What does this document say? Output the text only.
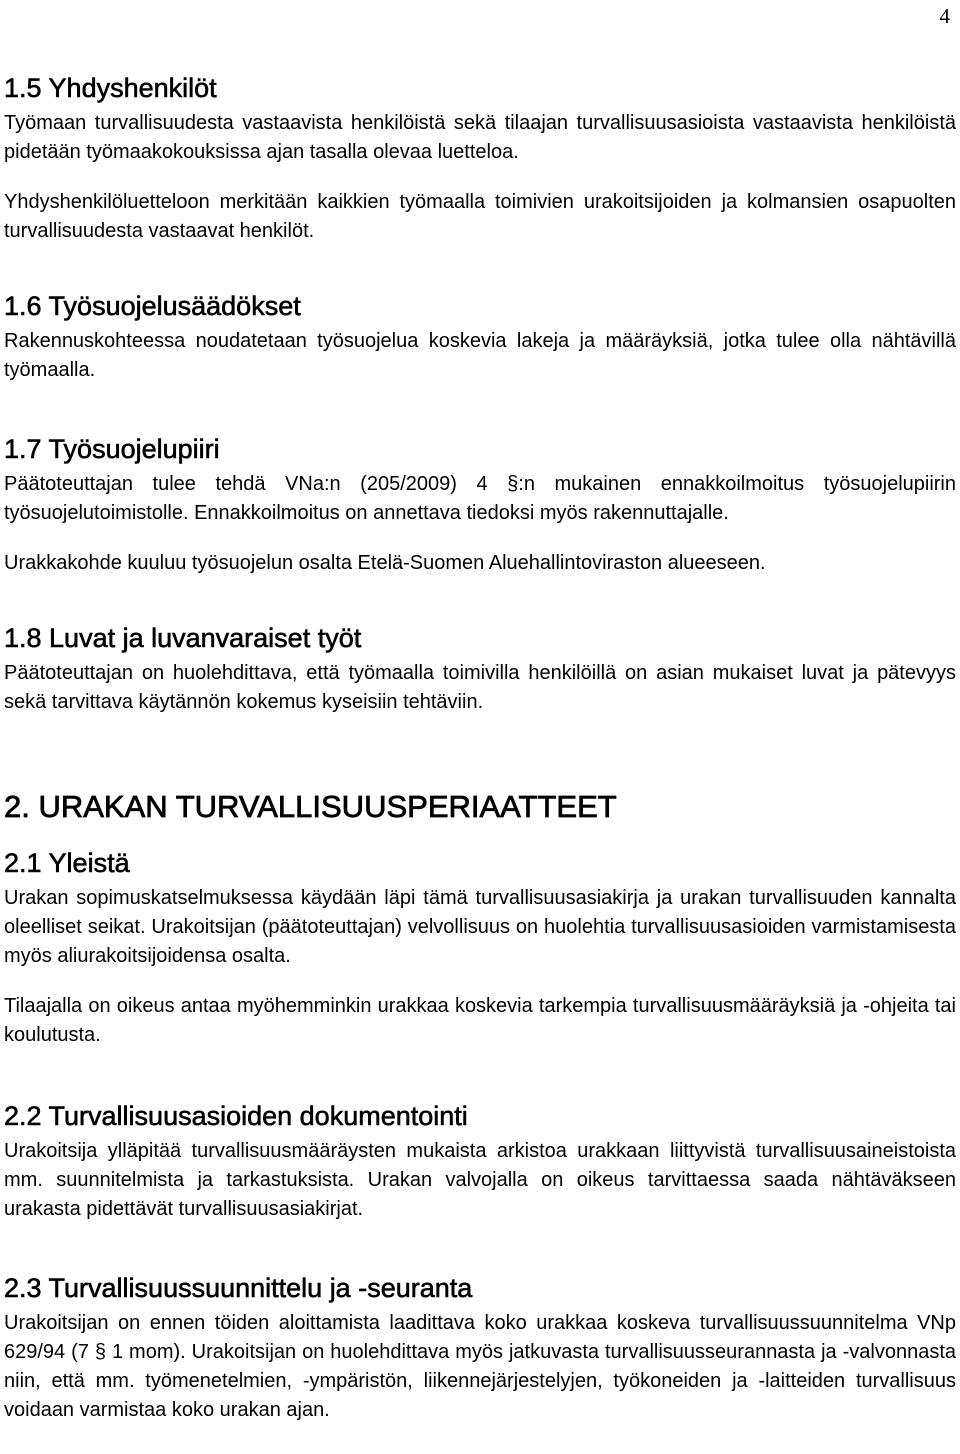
4
1.5 Yhdyshenkilöt

Työmaan turvallisuudesta vastaavista henkilöistä sekä tilaajan turvallisuusasioista vastaavista henkilöistä pidetään työmaakokouksissa ajan tasalla olevaa luetteloa.

Yhdyshenkilöluetteloon merkitään kaikkien työmaalla toimivien urakoitsijoiden ja kolmansien osapuolten turvallisuudesta vastaavat henkilöt.

1.6 Työsuojelusäädökset

Rakennuskohteessa noudatetaan työsuojelua koskevia lakeja ja määräyksiä, jotka tulee olla nähtävillä työmaalla.

1.7 Työsuojelupiiri

Päätoteuttajan tulee tehdä VNa:n (205/2009) 4 §:n mukainen ennakkoilmoitus työsuojelupiirin työsuojelutoimistolle. Ennakkoilmoitus on annettava tiedoksi myös rakennuttajalle.

Urakkakohde kuuluu työsuojelun osalta Etelä-Suomen Aluehallintoviraston alueeseen.

1.8 Luvat ja luvanvaraiset työt

Päätoteuttajan on huolehdittava, että työmaalla toimivilla henkilöillä on asian mukaiset luvat ja pätevyys sekä tarvittava käytännön kokemus kyseisiin tehtäviin.

2. URAKAN TURVALLISUUSPERIAATTEET
2.1 Yleistä

Urakan sopimuskatselmuksessa käydään läpi tämä turvallisuusasiakirja ja urakan turvallisuuden kannalta oleelliset seikat. Urakoitsijan (päätoteuttajan) velvollisuus on huolehtia turvallisuusasioiden varmistamisesta myös aliurakoitsijoidensa osalta.

Tilaajalla on oikeus antaa myöhemminkin urakkaa koskevia tarkempia turvallisuusmääräyksiä ja -ohjeita tai koulutusta.

2.2 Turvallisuusasioiden dokumentointi

Urakoitsija ylläpitää turvallisuusmääräysten mukaista arkistoa urakkaan liittyvistä turvallisuusaineistoista mm. suunnitelmista ja tarkastuksista. Urakan valvojalla on oikeus tarvittaessa saada nähtäväkseen urakasta pidettävät turvallisuusasiakirjat.

2.3 Turvallisuussuunnittelu ja -seuranta

Urakoitsijan on ennen töiden aloittamista laadittava koko urakkaa koskeva turvallisuussuunnitelma VNp 629/94 (7 § 1 mom). Urakoitsijan on huolehdittava myös jatkuvasta turvallisuusseurannasta ja -valvonnasta niin, että mm. työmenetelmien, -ympäristön, liikennejärjestelyjen, työkoneiden ja -laitteiden turvallisuus voidaan varmistaa koko urakan ajan.
